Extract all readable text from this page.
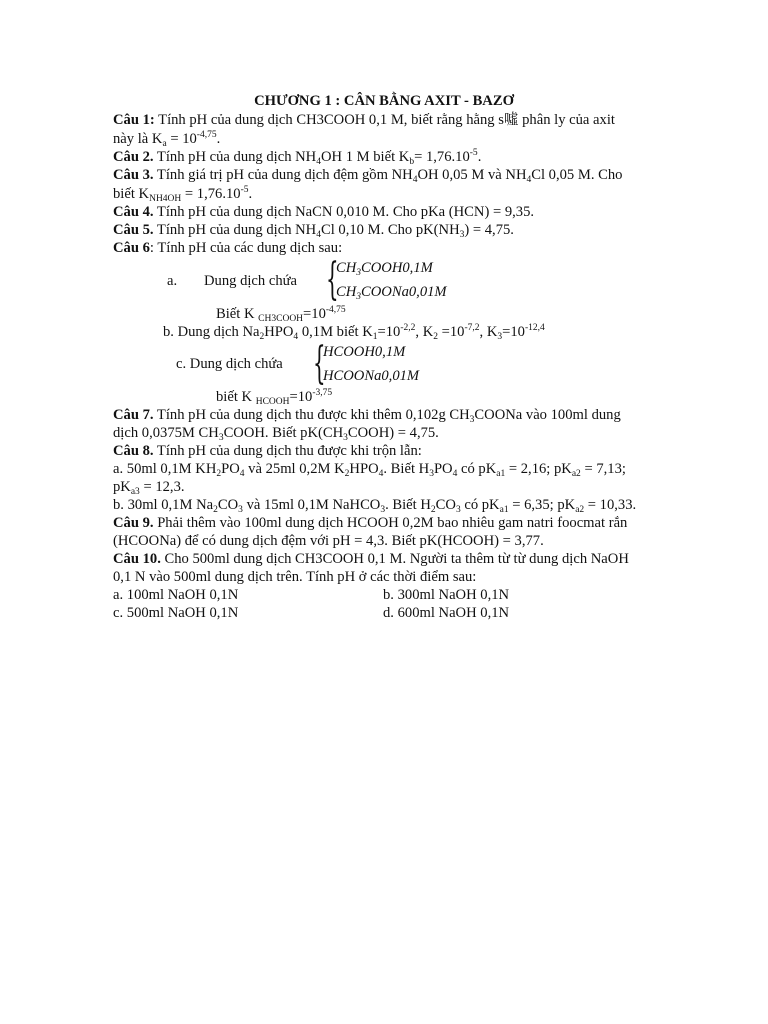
CHƯƠNG 1 : CÂN BẰNG AXIT - BAZƠ
Câu 1: Tính pH của dung dịch CH3COOH 0,1 M, biết rằng hằng s噓 phân ly của axit
này là $K_a = 10^{-4,75}$.
Câu 2. Tính pH của dung dịch $NH_4OH$ 1 M biết $K_b= 1,76.10^{-5}$.
Câu 3. Tính giá trị pH của dung dịch đệm gồm $NH_4OH$ 0,05 M và $NH_4Cl$ 0,05 M. Cho
biết $K_{NH4OH} = 1,76.10^{-5}$.
Câu 4. Tính pH của dung dịch NaCN 0,010 M. Cho pKa (HCN) = 9,35.
Câu 5. Tính pH của dung dịch $NH_4Cl$ 0,10 M. Cho $pK(NH_3) = 4,75$.
Câu 6: Tính pH của các dung dịch sau:
a. Dung dịch chứa {
$CH_3COOH0,1M$
$CH_3COONa0,01M$
Biết K $_{CH3COOH}=10^{-4,75}$
b. Dung dịch $Na_2HPO_4$ 0,1M biết $K_1=10^{-2,2}$, $K_2 =10^{-7,2}$, $K_3=10^{-12,4}$
c. Dung dịch chứa {
HCOOH0,1M
HCOONa0,01M
biết K $_{HCOOH}=10^{-3,75}$
Câu 7. Tính pH của dung dịch thu được khi thêm 0,102g $CH_3COONa$ vào 100ml dung
dịch 0,0375M $CH_3COOH$. Biết $pK(CH_3COOH) = 4,75$.
Câu 8. Tính pH của dung dịch thu được khi trộn lẫn:
a. 50ml 0,1M $KH_2PO_4$ và 25ml 0,2M $K_2HPO_4$. Biết $H_3PO_4$ có $pK_{a1} = 2,16$; $pK_{a2} = 7,13$;
$pK_{a3} = 12,3$.
b. 30ml 0,1M $Na_2CO_3$ và 15ml 0,1M NaHCO$_3$. Biết $H_2CO_3$ có $pK_{a1} = 6,35$; $pK_{a2} = 10,33$.
Câu 9. Phải thêm vào 100ml dung dịch HCOOH 0,2M bao nhiêu gam natri foocmat rắn
(HCOONa) để có dung dịch đệm với pH = 4,3. Biết pK(HCOOH) = 3,77.
Câu 10. Cho 500ml dung dịch CH3COOH 0,1 M. Người ta thêm từ từ dung dịch NaOH
0,1 N vào 500ml dung dịch trên. Tính pH ở các thời điểm sau:
a. 100ml NaOH 0,1N	b. 300ml NaOH 0,1N
c. 500ml NaOH 0,1N	d. 600ml NaOH 0,1N
